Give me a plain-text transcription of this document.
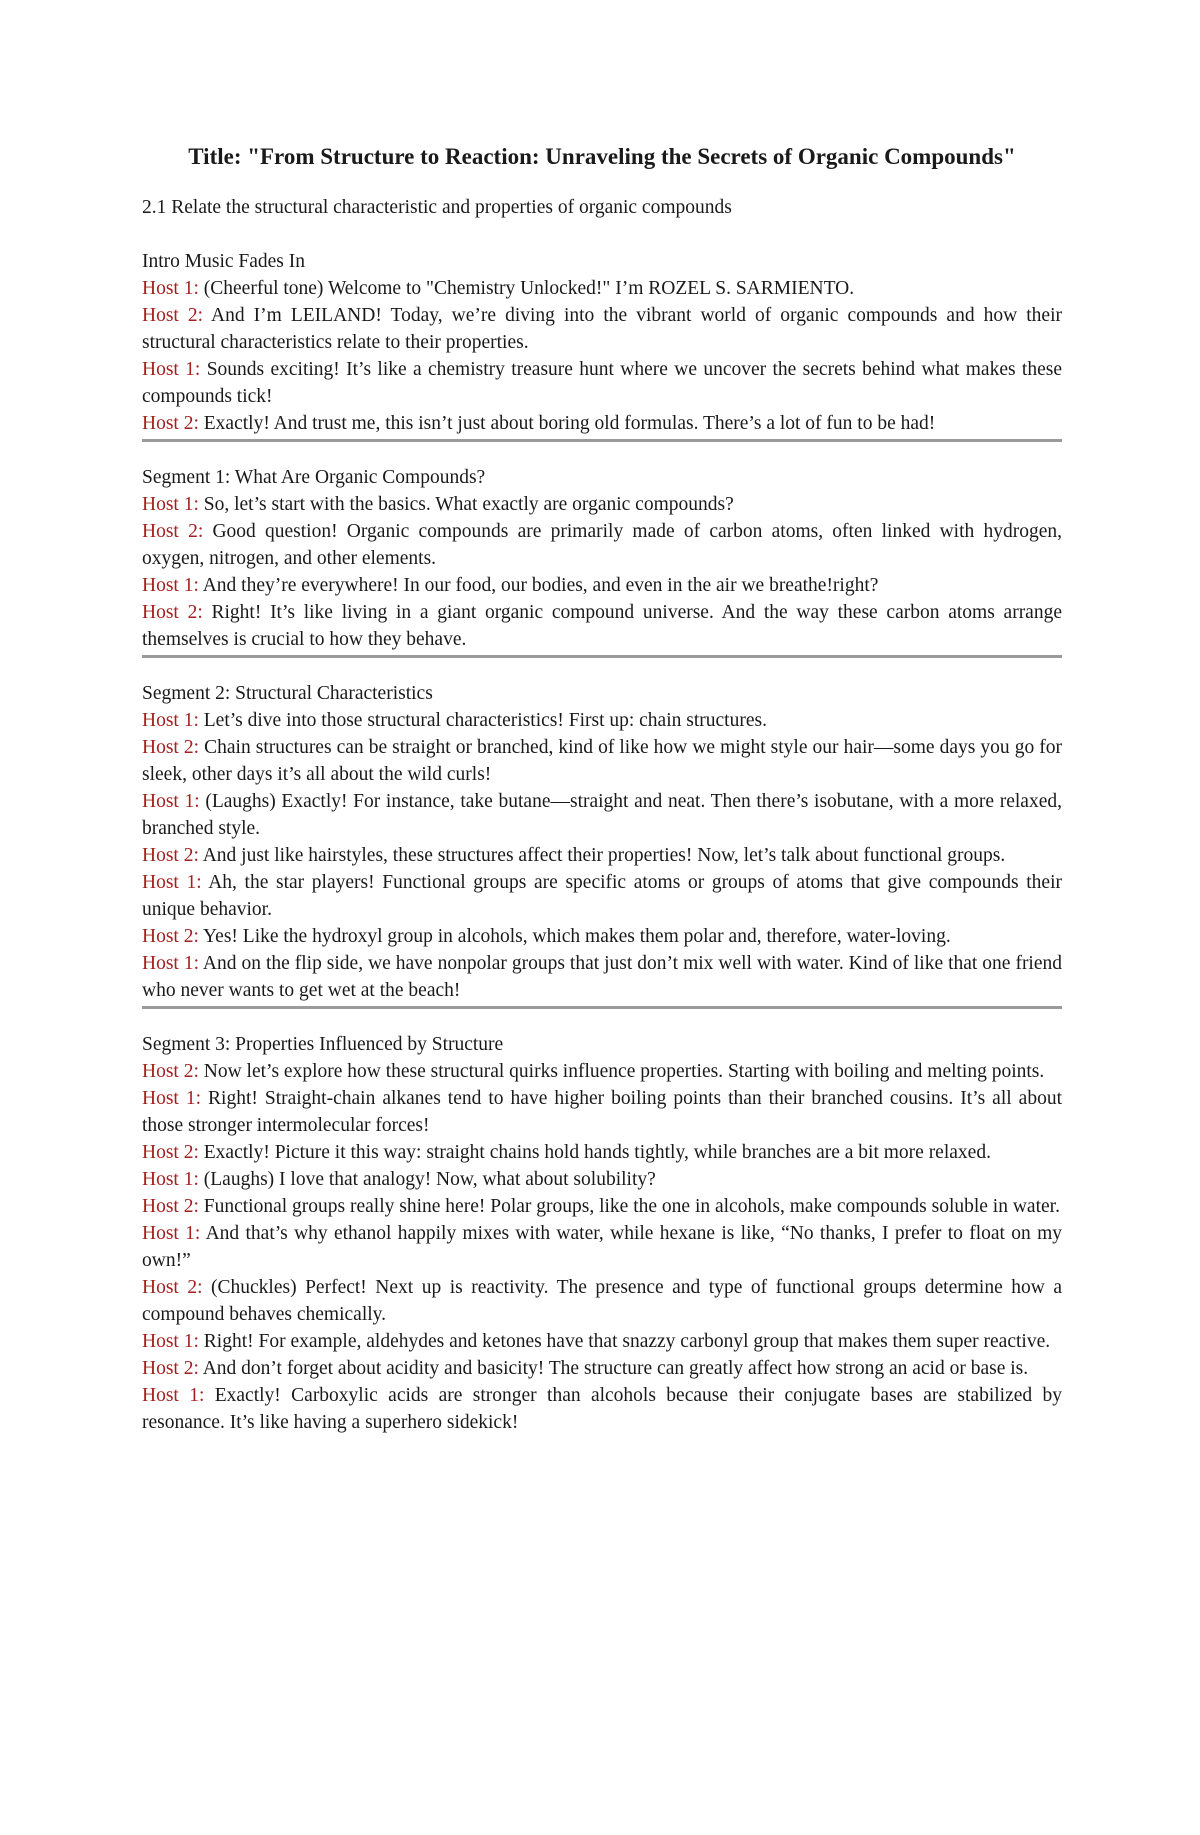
Title: "From Structure to Reaction: Unraveling the Secrets of Organic Compounds"

2.1 Relate the structural characteristic and properties of organic compounds

Intro Music Fades In

Host 1: (Cheerful tone) Welcome to "Chemistry Unlocked!" I’m ROZEL S. SARMIENTO.

Host 2: And I’m LEILAND! Today, we’re diving into the vibrant world of organic compounds and how their structural characteristics relate to their properties.

Host 1: Sounds exciting! It’s like a chemistry treasure hunt where we uncover the secrets behind what makes these compounds tick!

Host 2: Exactly! And trust me, this isn’t just about boring old formulas. There’s a lot of fun to be had!

Segment 1: What Are Organic Compounds?

Host 1: So, let’s start with the basics. What exactly are organic compounds?

Host 2: Good question! Organic compounds are primarily made of carbon atoms, often linked with hydrogen, oxygen, nitrogen, and other elements.

Host 1: And they’re everywhere! In our food, our bodies, and even in the air we breathe!right?

Host 2: Right! It’s like living in a giant organic compound universe. And the way these carbon atoms arrange themselves is crucial to how they behave.

Segment 2: Structural Characteristics

Host 1: Let’s dive into those structural characteristics! First up: chain structures.

Host 2: Chain structures can be straight or branched, kind of like how we might style our hair—some days you go for sleek, other days it’s all about the wild curls!

Host 1: (Laughs) Exactly! For instance, take butane—straight and neat. Then there’s isobutane, with a more relaxed, branched style.

Host 2: And just like hairstyles, these structures affect their properties! Now, let’s talk about functional groups.

Host 1: Ah, the star players! Functional groups are specific atoms or groups of atoms that give compounds their unique behavior.

Host 2: Yes! Like the hydroxyl group in alcohols, which makes them polar and, therefore, water-loving.

Host 1: And on the flip side, we have nonpolar groups that just don’t mix well with water. Kind of like that one friend who never wants to get wet at the beach!

Segment 3: Properties Influenced by Structure

Host 2: Now let’s explore how these structural quirks influence properties. Starting with boiling and melting points.

Host 1: Right! Straight-chain alkanes tend to have higher boiling points than their branched cousins. It’s all about those stronger intermolecular forces!

Host 2: Exactly! Picture it this way: straight chains hold hands tightly, while branches are a bit more relaxed.

Host 1: (Laughs) I love that analogy! Now, what about solubility?

Host 2: Functional groups really shine here! Polar groups, like the one in alcohols, make compounds soluble in water.

Host 1: And that’s why ethanol happily mixes with water, while hexane is like, “No thanks, I prefer to float on my own!”

Host 2: (Chuckles) Perfect! Next up is reactivity. The presence and type of functional groups determine how a compound behaves chemically.

Host 1: Right! For example, aldehydes and ketones have that snazzy carbonyl group that makes them super reactive.

Host 2: And don’t forget about acidity and basicity! The structure can greatly affect how strong an acid or base is.

Host 1: Exactly! Carboxylic acids are stronger than alcohols because their conjugate bases are stabilized by resonance. It’s like having a superhero sidekick!
